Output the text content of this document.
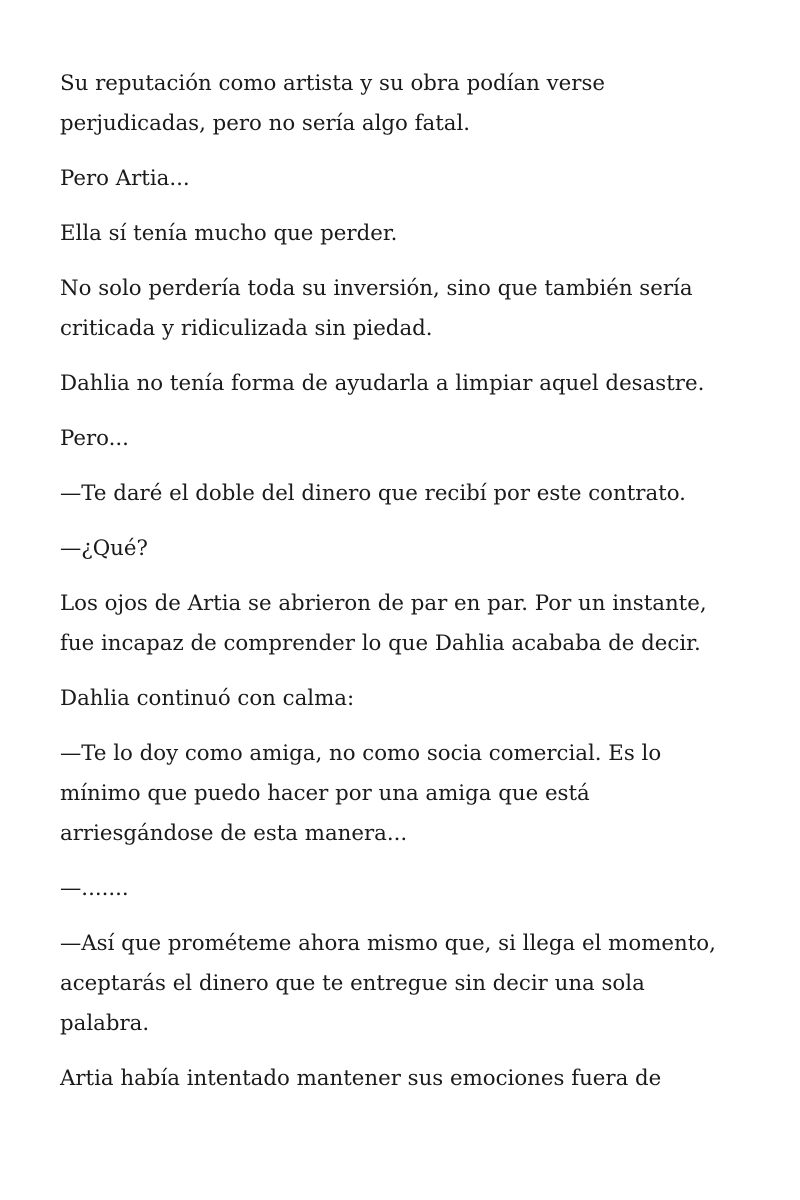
Su reputación como artista y su obra podían verse
perjudicadas, pero no sería algo fatal.

Pero Artia...

Ella sí tenía mucho que perder.

No solo perdería toda su inversión, sino que también sería
criticada y ridiculizada sin piedad.

Dahlia no tenía forma de ayudarla a limpiar aquel desastre.

Pero...

—Te daré el doble del dinero que recibí por este contrato.

—¿Qué?

Los ojos de Artia se abrieron de par en par. Por un instante,
fue incapaz de comprender lo que Dahlia acababa de decir.

Dahlia continuó con calma:

—Te lo doy como amiga, no como socia comercial. Es lo
mínimo que puedo hacer por una amiga que está
arriesgándose de esta manera...

—.......

—Así que prométeme ahora mismo que, si llega el momento,
aceptarás el dinero que te entregue sin decir una sola
palabra.

Artia había intentado mantener sus emociones fuera de
